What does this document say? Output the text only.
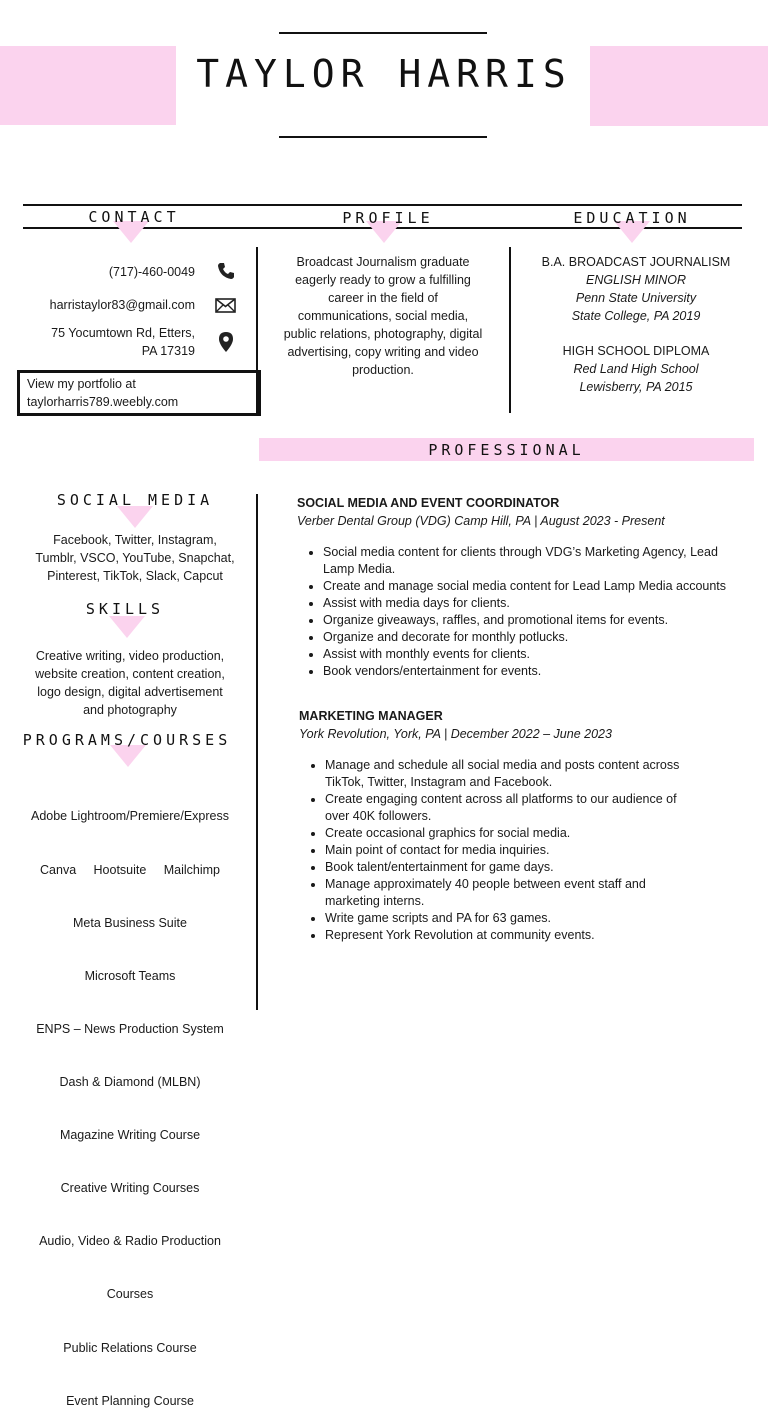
TAYLOR HARRIS
CONTACT	PROFILE	EDUCATION
(717)-460-0049
harristaylor83@gmail.com
75 Yocumtown Rd, Etters,
PA 17319
View my portfolio at
taylorharris789.weebly.com
Broadcast Journalism graduate
eagerly ready to grow a fulfilling
career in the field of
communications, social media,
public relations, photography, digital
advertising, copy writing and video
production.
B.A. BROADCAST JOURNALISM
ENGLISH MINOR
Penn State University
State College, PA 2019
HIGH SCHOOL DIPLOMA
Red Land High School
Lewisberry, PA 2015
PROFESSIONAL
SOCIAL MEDIA
Facebook, Twitter, Instagram,
Tumblr, VSCO, YouTube, Snapchat,
Pinterest, TikTok, Slack, Capcut
SKILLS
Creative writing, video production,
website creation, content creation,
logo design, digital advertisement
and photography
PROGRAMS/COURSES

Adobe Lightroom/Premiere/Express

Canva     Hootsuite     Mailchimp

Meta Business Suite

Microsoft Teams

ENPS – News Production System

Dash & Diamond (MLBN)

Magazine Writing Course

Creative Writing Courses

Audio, Video & Radio Production

Courses

Public Relations Course

Event Planning Course

SOCIAL MEDIA AND EVENT COORDINATOR
Verber Dental Group (VDG) Camp Hill, PA | August 2023 - Present
• Social media content for clients through VDG’s Marketing Agency, Lead Lamp Media.
• Create and manage social media content for Lead Lamp Media accounts
• Assist with media days for clients.
• Organize giveaways, raffles, and promotional items for events.
• Organize and decorate for monthly potlucks.
• Assist with monthly events for clients.
• Book vendors/entertainment for events.
MARKETING MANAGER
York Revolution, York, PA | December 2022 – June 2023
• Manage and schedule all social media and posts content across TikTok, Twitter, Instagram and Facebook.
• Create engaging content across all platforms to our audience of over 40K followers.
• Create occasional graphics for social media.
• Main point of contact for media inquiries.
• Book talent/entertainment for game days.
• Manage approximately 40 people between event staff and marketing interns.
• Write game scripts and PA for 63 games.
• Represent York Revolution at community events.
